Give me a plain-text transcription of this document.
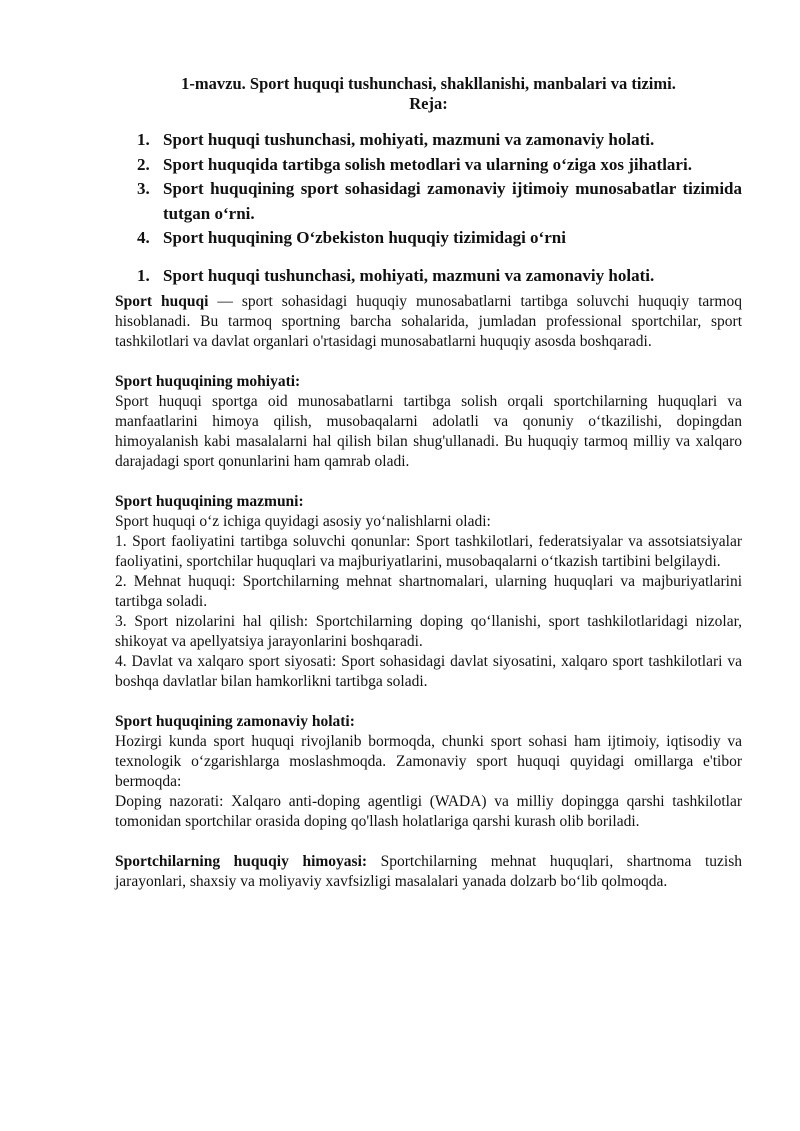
1-mavzu. Sport huquqi tushunchasi, shakllanishi, manbalari va tizimi.

Reja:

1. Sport huquqi tushunchasi, mohiyati, mazmuni va zamonaviy holati.
2. Sport huquqida tartibga solish metodlari va ularning o‘ziga xos jihatlari.
3. Sport huquqining sport sohasidagi zamonaviy ijtimoiy munosabatlar tizimida tutgan o‘rni.
4. Sport huquqining O‘zbekiston huquqiy tizimidagi o‘rni
1. Sport huquqi tushunchasi, mohiyati, mazmuni va zamonaviy holati.

Sport huquqi — sport sohasidagi huquqiy munosabatlarni tartibga soluvchi huquqiy tarmoq hisoblanadi. Bu tarmoq sportning barcha sohalarida, jumladan professional sportchilar, sport tashkilotlari va davlat organlari o'rtasidagi munosabatlarni huquqiy asosda boshqaradi.

Sport huquqining mohiyati:

Sport huquqi sportga oid munosabatlarni tartibga solish orqali sportchilarning huquqlari va manfaatlarini himoya qilish, musobaqalarni adolatli va qonuniy o‘tkazilishi, dopingdan himoyalanish kabi masalalarni hal qilish bilan shug'ullanadi. Bu huquqiy tarmoq milliy va xalqaro darajadagi sport qonunlarini ham qamrab oladi.

Sport huquqining mazmuni:

Sport huquqi o‘z ichiga quyidagi asosiy yo‘nalishlarni oladi:

1. Sport faoliyatini tartibga soluvchi qonunlar: Sport tashkilotlari, federatsiyalar va assotsiatsiyalar faoliyatini, sportchilar huquqlari va majburiyatlarini, musobaqalarni o‘tkazish tartibini belgilaydi.

2. Mehnat huquqi: Sportchilarning mehnat shartnomalari, ularning huquqlari va majburiyatlarini tartibga soladi.

3. Sport nizolarini hal qilish: Sportchilarning doping qo‘llanishi, sport tashkilotlaridagi nizolar, shikoyat va apellyatsiya jarayonlarini boshqaradi.

4. Davlat va xalqaro sport siyosati: Sport sohasidagi davlat siyosatini, xalqaro sport tashkilotlari va boshqa davlatlar bilan hamkorlikni tartibga soladi.

Sport huquqining zamonaviy holati:

Hozirgi kunda sport huquqi rivojlanib bormoqda, chunki sport sohasi ham ijtimoiy, iqtisodiy va texnologik o‘zgarishlarga moslashmoqda. Zamonaviy sport huquqi quyidagi omillarga e'tibor bermoqda:

Doping nazorati: Xalqaro anti-doping agentligi (WADA) va milliy dopingga qarshi tashkilotlar tomonidan sportchilar orasida doping qo'llash holatlariga qarshi kurash olib boriladi.

Sportchilarning huquqiy himoyasi: Sportchilarning mehnat huquqlari, shartnoma tuzish jarayonlari, shaxsiy va moliyaviy xavfsizligi masalalari yanada dolzarb bo‘lib qolmoqda.
